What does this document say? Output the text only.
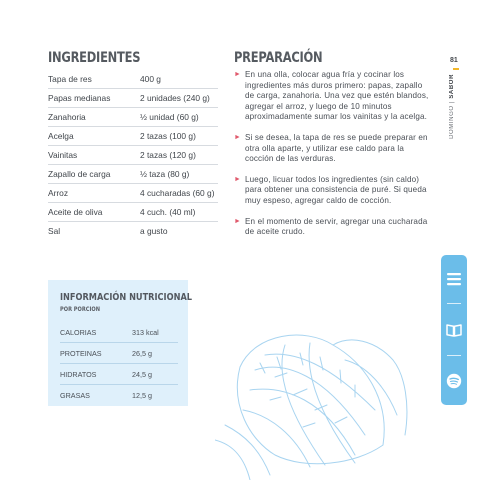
INGREDIENTES	PREPARACIÓN
Tapa de res	400 g
Papas medianas	2 unidades (240 g)
Zanahoria	½ unidad (60 g)
Acelga	2 tazas (100 g)
Vainitas	2 tazas (120 g)
Zapallo de carga	½ taza (80 g)
Arroz	4 cucharadas (60 g)
Aceite de oliva	4 cuch. (40 ml)
Sal	a gusto
► En una olla, colocar agua fría y cocinar los ingredientes más duros primero: papas, zapallo de carga, zanahoria. Una vez que estén blandos, agregar el arroz, y luego de 10 minutos aproximadamente sumar los vainitas y la acelga.
► Si se desea, la tapa de res se puede preparar en otra olla aparte, y utilizar ese caldo para la cocción de las verduras.
► Luego, licuar todos los ingredientes (sin caldo) para obtener una consistencia de puré. Si queda muy espeso, agregar caldo de cocción.
► En el momento de servir, agregar una cucharada de aceite crudo.
81
DOMINGO | SABOR
INFORMACIÓN NUTRICIONAL
POR PORCIÓN
CALORIAS	313 kcal
PROTEINAS	26,5 g
HIDRATOS	24,5 g
GRASAS	12,5 g
